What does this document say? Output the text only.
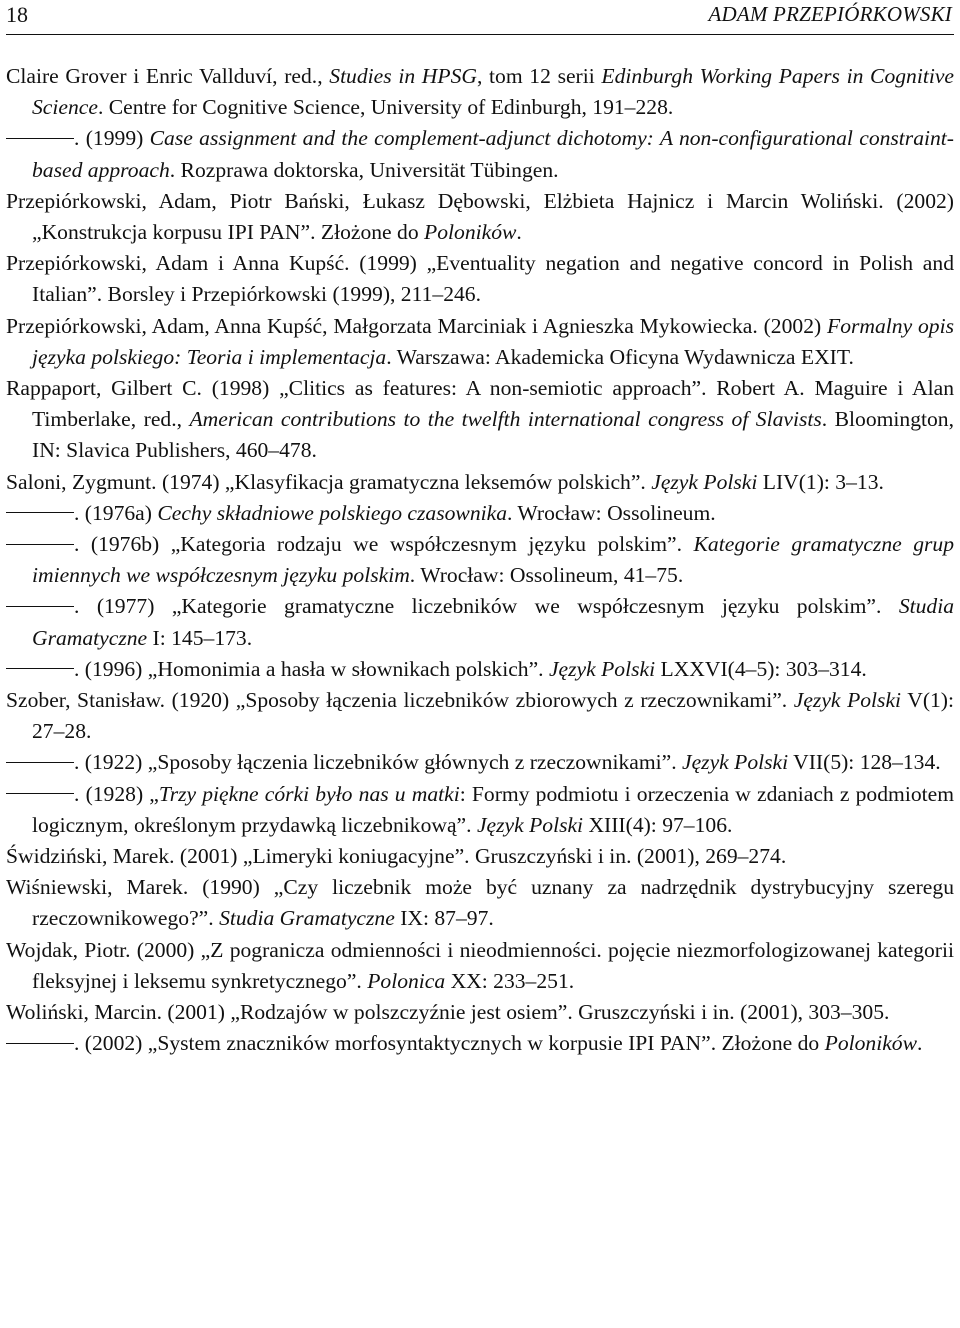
18	ADAM PRZEPIÓRKOWSKI

Claire Grover i Enric Vallduví, red., Studies in HPSG, tom 12 serii Edinburgh Working Papers in Cognitive Science. Centre for Cognitive Science, University of Edinburgh, 191–228.

. (1999) Case assignment and the complement-adjunct dichotomy: A non-configurational constraint-based approach. Rozprawa doktorska, Universität Tübingen.

Przepiórkowski, Adam, Piotr Bański, Łukasz Dębowski, Elżbieta Hajnicz i Marcin Woliński. (2002) „Konstrukcja korpusu IPI PAN”. Złożone do Poloników.

Przepiórkowski, Adam i Anna Kupść. (1999) „Eventuality negation and negative concord in Polish and Italian”. Borsley i Przepiórkowski (1999), 211–246.

Przepiórkowski, Adam, Anna Kupść, Małgorzata Marciniak i Agnieszka Mykowiecka. (2002) Formalny opis języka polskiego: Teoria i implementacja. Warszawa: Akademicka Oficyna Wydawnicza EXIT.

Rappaport, Gilbert C. (1998) „Clitics as features: A non-semiotic approach”. Robert A. Maguire i Alan Timberlake, red., American contributions to the twelfth international congress of Slavists. Bloomington, IN: Slavica Publishers, 460–478.

Saloni, Zygmunt. (1974) „Klasyfikacja gramatyczna leksemów polskich”. Język Polski LIV(1): 3–13.

. (1976a) Cechy składniowe polskiego czasownika. Wrocław: Ossolineum.

. (1976b) „Kategoria rodzaju we współczesnym języku polskim”. Kategorie gramatyczne grup imiennych we współczesnym języku polskim. Wrocław: Ossolineum, 41–75.

. (1977) „Kategorie gramatyczne liczebników we współczesnym języku polskim”. Studia Gramatyczne I: 145–173.

. (1996) „Homonimia a hasła w słownikach polskich”. Język Polski LXXVI(4–5): 303–314.

Szober, Stanisław. (1920) „Sposoby łączenia liczebników zbiorowych z rzeczownikami”. Język Polski V(1): 27–28.

. (1922) „Sposoby łączenia liczebników głównych z rzeczownikami”. Język Polski VII(5): 128–134.

. (1928) „Trzy piękne córki było nas u matki: Formy podmiotu i orzeczenia w zdaniach z podmiotem logicznym, określonym przydawką liczebnikową”. Język Polski XIII(4): 97–106.

Świdziński, Marek. (2001) „Limeryki koniugacyjne”. Gruszczyński i in. (2001), 269–274.

Wiśniewski, Marek. (1990) „Czy liczebnik może być uznany za nadrzędnik dystrybucyjny szeregu rzeczownikowego?”. Studia Gramatyczne IX: 87–97.

Wojdak, Piotr. (2000) „Z pogranicza odmienności i nieodmienności. pojęcie niezmorfologizowanej kategorii fleksyjnej i leksemu synkretycznego”. Polonica XX: 233–251.

Woliński, Marcin. (2001) „Rodzajów w polszczyźnie jest osiem”. Gruszczyński i in. (2001), 303–305.

. (2002) „System znaczników morfosyntaktycznych w korpusie IPI PAN”. Złożone do Poloników.
